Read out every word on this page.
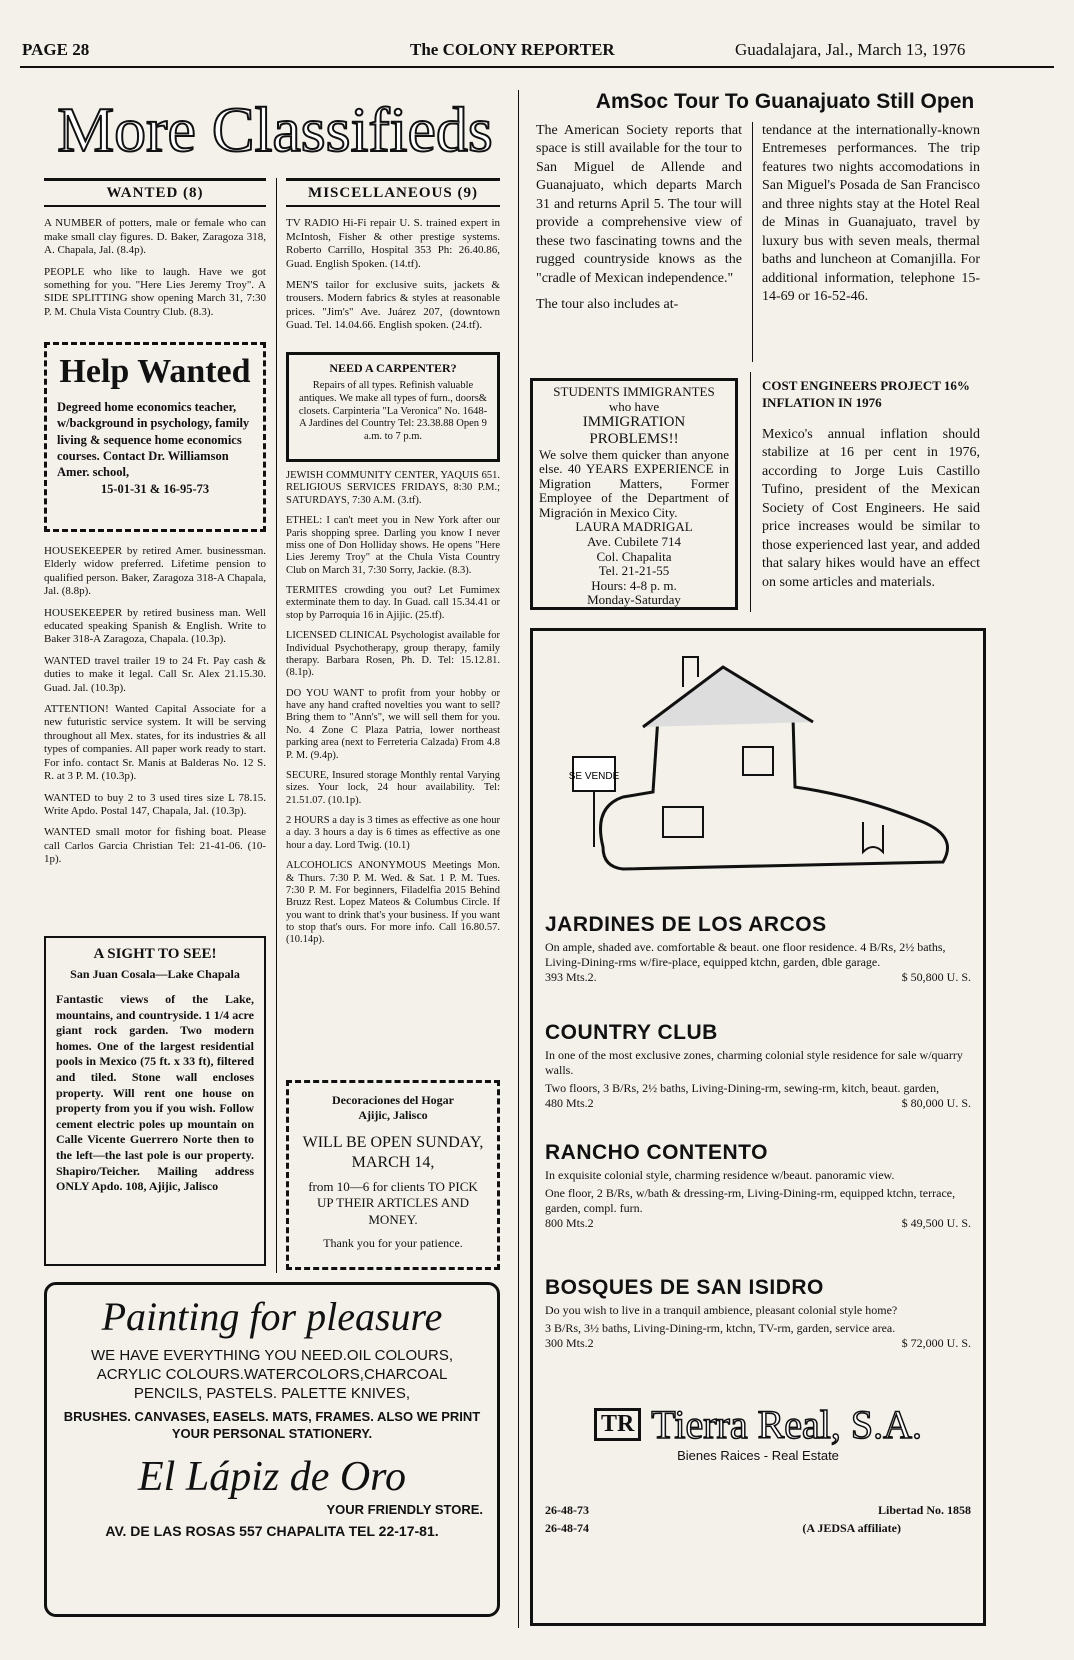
PAGE 28	The COLONY REPORTER	Guadalajara, Jal., March 13, 1976
More Classifieds
WANTED (8)

A NUMBER of potters, male or female who can make small clay figures. D. Baker, Zaragoza 318, A. Chapala, Jal. (8.4p).

PEOPLE who like to laugh. Have we got something for you. "Here Lies Jeremy Troy". A SIDE SPLITTING show opening March 31, 7:30 P. M. Chula Vista Country Club. (8.3).

Help Wanted
Degreed home economics teacher, w/background in psychology, family living & sequence home economics courses. Contact Dr. Williamson Amer. school,
15-01-31 & 16-95-73

HOUSEKEEPER by retired Amer. businessman. Elderly widow preferred. Lifetime pension to qualified person. Baker, Zaragoza 318-A Chapala, Jal. (8.8p).

HOUSEKEEPER by retired business man. Well educated speaking Spanish & English. Write to Baker 318-A Zaragoza, Chapala. (10.3p).

WANTED travel trailer 19 to 24 Ft. Pay cash & duties to make it legal. Call Sr. Alex 21.15.30. Guad. Jal. (10.3p).

ATTENTION! Wanted Capital Associate for a new futuristic service system. It will be serving throughout all Mex. states, for its industries & all types of companies. All paper work ready to start. For info. contact Sr. Manis at Balderas No. 12 S. R. at 3 P. M. (10.3p).

WANTED to buy 2 to 3 used tires size L 78.15. Write Apdo. Postal 147, Chapala, Jal. (10.3p).

WANTED small motor for fishing boat. Please call Carlos Garcia Christian Tel: 21-41-06. (10-1p).

A SIGHT TO SEE!
San Juan Cosala—Lake Chapala
Fantastic views of the Lake, mountains, and countryside. 1 1/4 acre giant rock garden. Two modern homes. One of the largest residential pools in Mexico (75 ft. x 33 ft), filtered and tiled. Stone wall encloses property. Will rent one house on property from you if you wish. Follow cement electric poles up mountain on Calle Vicente Guerrero Norte then to the left—the last pole is our property. Shapiro/Teicher. Mailing address ONLY Apdo. 108, Ajijic, Jalisco
MISCELLANEOUS (9)

TV RADIO Hi-Fi repair U. S. trained expert in McIntosh, Fisher & other prestige systems. Roberto Carrillo, Hospital 353 Ph: 26.40.86, Guad. English Spoken. (14.tf).

MEN'S tailor for exclusive suits, jackets & trousers. Modern fabrics & styles at reasonable prices. "Jim's" Ave. Juárez 207, (downtown Guad. Tel. 14.04.66. English spoken. (24.tf).

NEED A CARPENTER?
Repairs of all types. Refinish valuable antiques. We make all types of furn., doors& closets. Carpinteria "La Veronica" No. 1648-A Jardines del Country Tel: 23.38.88 Open 9 a.m. to 7 p.m.

JEWISH COMMUNITY CENTER, YAQUIS 651. RELIGIOUS SERVICES FRIDAYS, 8:30 P.M.; SATURDAYS, 7:30 A.M. (3.tf).

ETHEL: I can't meet you in New York after our Paris shopping spree. Darling you know I never miss one of Don Holliday shows. He opens "Here Lies Jeremy Troy" at the Chula Vista Country Club on March 31, 7:30 Sorry, Jackie. (8.3).

TERMITES crowding you out? Let Fumimex exterminate them to day. In Guad. call 15.34.41 or stop by Parroquia 16 in Ajijic. (25.tf).

LICENSED CLINICAL Psychologist available for Individual Psychotherapy, group therapy, family therapy. Barbara Rosen, Ph. D. Tel: 15.12.81. (8.1p).

DO YOU WANT to profit from your hobby or have any hand crafted novelties you want to sell? Bring them to "Ann's", we will sell them for you. No. 4 Zone C Plaza Patria, lower northeast parking area (next to Ferreteria Calzada) From 4.8 P. M. (9.4p).

SECURE, Insured storage Monthly rental Varying sizes. Your lock, 24 hour availability. Tel: 21.51.07. (10.1p).

2 HOURS a day is 3 times as effective as one hour a day. 3 hours a day is 6 times as effective as one hour a day. Lord Twig. (10.1)

ALCOHOLICS ANONYMOUS Meetings Mon. & Thurs. 7:30 P. M. Wed. & Sat. 1 P. M. Tues. 7:30 P. M. For beginners, Filadelfia 2015 Behind Bruzz Rest. Lopez Mateos & Columbus Circle. If you want to drink that's your business. If you want to stop that's ours. For more info. Call 16.80.57. (10.14p).

Decoraciones del Hogar
Ajijic, Jalisco
WILL BE OPEN SUNDAY, MARCH 14,
from 10—6 for clients TO PICK UP THEIR ARTICLES AND MONEY.
Thank you for your patience.
Painting for pleasure
WE HAVE EVERYTHING YOU NEED.OIL COLOURS, ACRYLIC COLOURS.WATERCOLORS,CHARCOAL PENCILS, PASTELS. PALETTE KNIVES,
BRUSHES. CANVASES, EASELS. MATS, FRAMES. ALSO WE PRINT YOUR PERSONAL STATIONERY.
El Lápiz de Oro
YOUR FRIENDLY STORE.
AV. DE LAS ROSAS 557 CHAPALITA TEL 22-17-81.
AmSoc Tour To Guanajuato Still Open
The American Society reports that space is still available for the tour to San Miguel de Allende and Guanajuato, which departs March 31 and returns April 5. The tour will provide a comprehensive view of these two fascinating towns and the rugged countryside knows as the "cradle of Mexican independence."
The tour also includes at-
tendance at the internationally-known Entremeses performances. The trip features two nights accomodations in San Miguel's Posada de San Francisco and three nights stay at the Hotel Real de Minas in Guanajuato, travel by luxury bus with seven meals, thermal baths and luncheon at Comanjilla. For additional information, telephone 15-14-69 or 16-52-46.
STUDENTS IMMIGRANTES
who have
IMMIGRATION
PROBLEMS!!
We solve them quicker than anyone else. 40 YEARS EXPERIENCE in Migration Matters, Former Employee of the Department of Migración in Mexico City.
LAURA MADRIGAL
Ave. Cubilete 714
Col. Chapalita
Tel. 21-21-55
Hours: 4-8 p. m.
Monday-Saturday
COST ENGINEERS PROJECT 16% INFLATION IN 1976
Mexico's annual inflation should stabilize at 16 per cent in 1976, according to Jorge Luis Castillo Tufino, president of the Mexican Society of Cost Engineers. He said price increases would be similar to those experienced last year, and added that salary hikes would have an effect on some articles and materials.
SE VENDE
JARDINES DE LOS ARCOS

On ample, shaded ave. comfortable & beaut. one floor residence. 4 B/Rs, 2½ baths, Living-Dining-rms w/fire-place, equipped ktchn, garden, dble garage.

393 Mts.2.	$ 50,800 U. S.
COUNTRY CLUB

In one of the most exclusive zones, charming colonial style residence for sale w/quarry walls.

Two floors, 3 B/Rs, 2½ baths, Living-Dining-rm, sewing-rm, kitch, beaut. garden,

480 Mts.2	$ 80,000 U. S.
RANCHO CONTENTO

In exquisite colonial style, charming residence w/beaut. panoramic view.

One floor, 2 B/Rs, w/bath & dressing-rm, Living-Dining-rm, equipped ktchn, terrace, garden, compl. furn.

800 Mts.2	$ 49,500 U. S.
BOSQUES DE SAN ISIDRO

Do you wish to live in a tranquil ambience, pleasant colonial style home?

3 B/Rs, 3½ baths, Living-Dining-rm, ktchn, TV-rm, garden, service area.

300 Mts.2	$ 72,000 U. S.
TR Tierra Real, S.A.
Bienes Raices - Real Estate
26-48-73	Libertad No. 1858
26-48-74	(A JEDSA affiliate)
